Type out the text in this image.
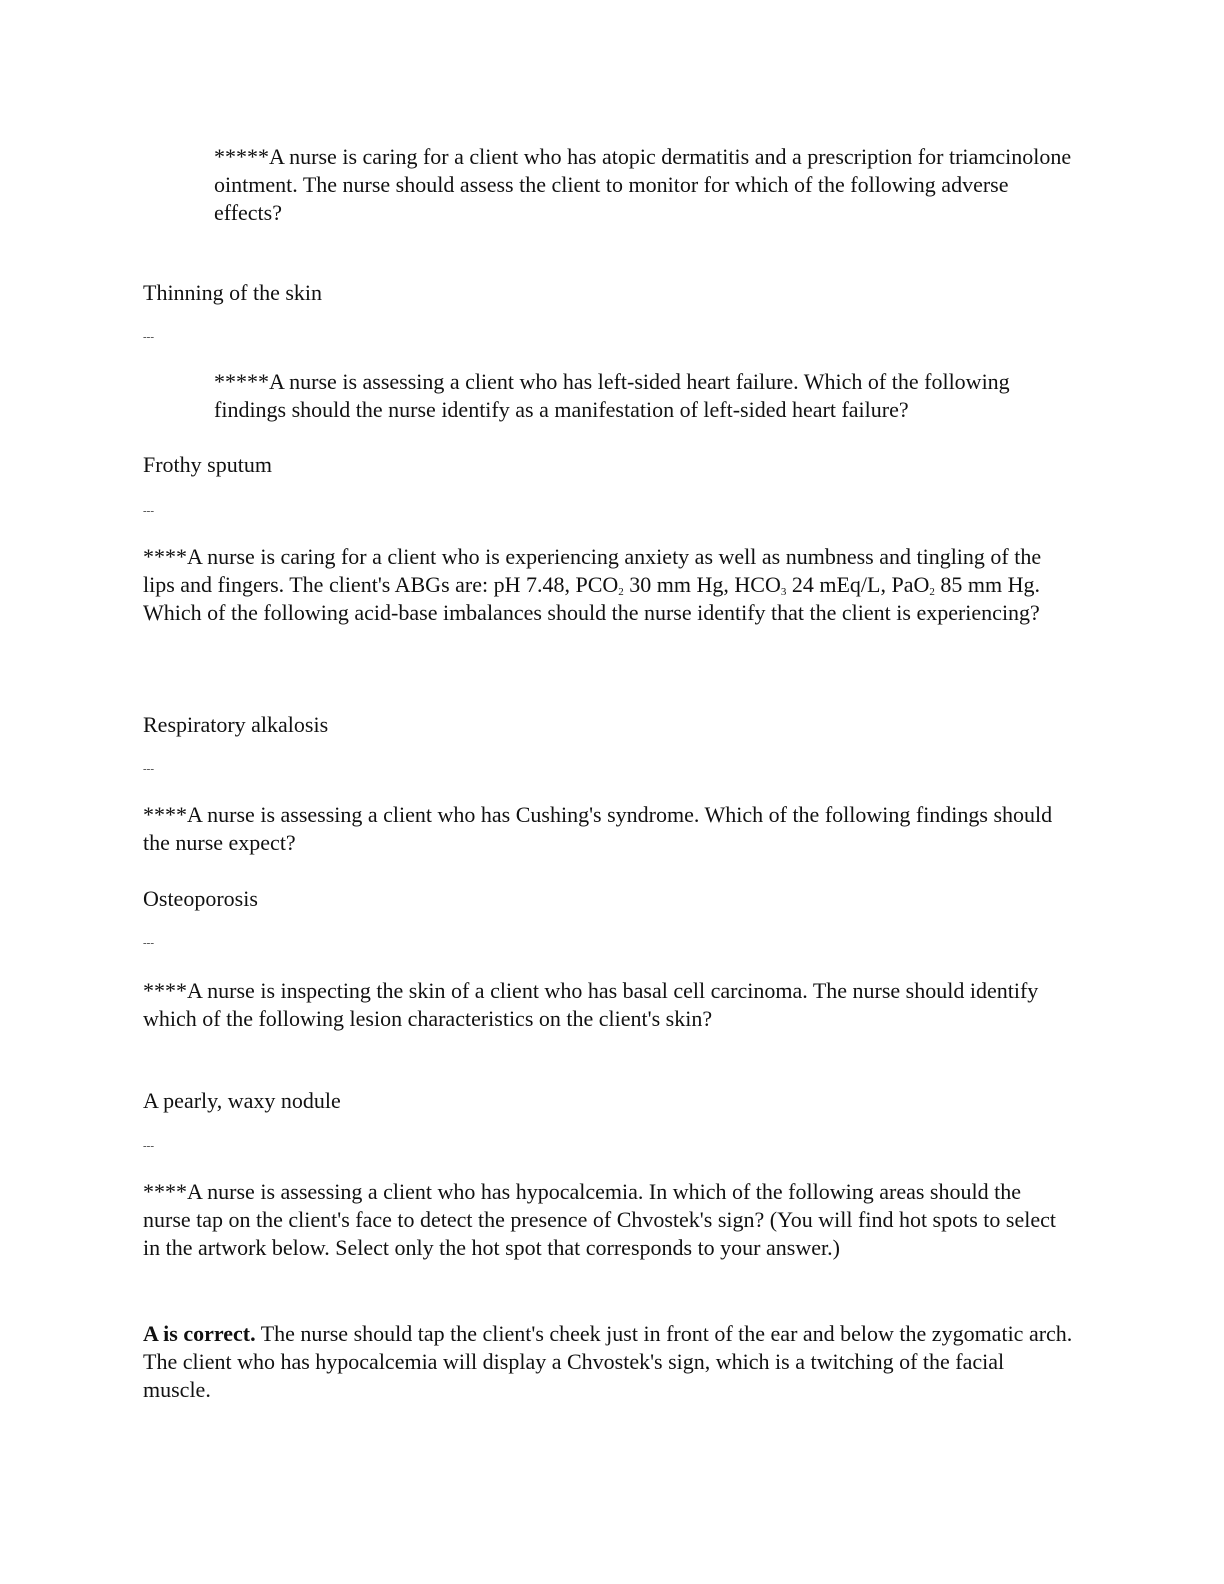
*****A nurse is caring for a client who has atopic dermatitis and a prescription for triamcinolone ointment. The nurse should assess the client to monitor for which of the following adverse effects?

Thinning of the skin

---

*****A nurse is assessing a client who has left-sided heart failure. Which of the following findings should the nurse identify as a manifestation of left-sided heart failure?

Frothy sputum

---

****A nurse is caring for a client who is experiencing anxiety as well as numbness and tingling of the lips and fingers. The client's ABGs are: pH 7.48, $PCO_2$ 30 mm Hg, $HCO_3$ 24 mEq/L, PaO$_2$ 85 mm Hg. Which of the following acid-base imbalances should the nurse identify that the client is experiencing?

Respiratory alkalosis

---

****A nurse is assessing a client who has Cushing's syndrome. Which of the following findings should the nurse expect?

Osteoporosis

---

****A nurse is inspecting the skin of a client who has basal cell carcinoma. The nurse should identify which of the following lesion characteristics on the client's skin?

A pearly, waxy nodule

---

****A nurse is assessing a client who has hypocalcemia. In which of the following areas should the nurse tap on the client's face to detect the presence of Chvostek's sign? (You will find hot spots to select in the artwork below. Select only the hot spot that corresponds to your answer.)

A is correct. The nurse should tap the client's cheek just in front of the ear and below the zygomatic arch. The client who has hypocalcemia will display a Chvostek's sign, which is a twitching of the facial muscle.
